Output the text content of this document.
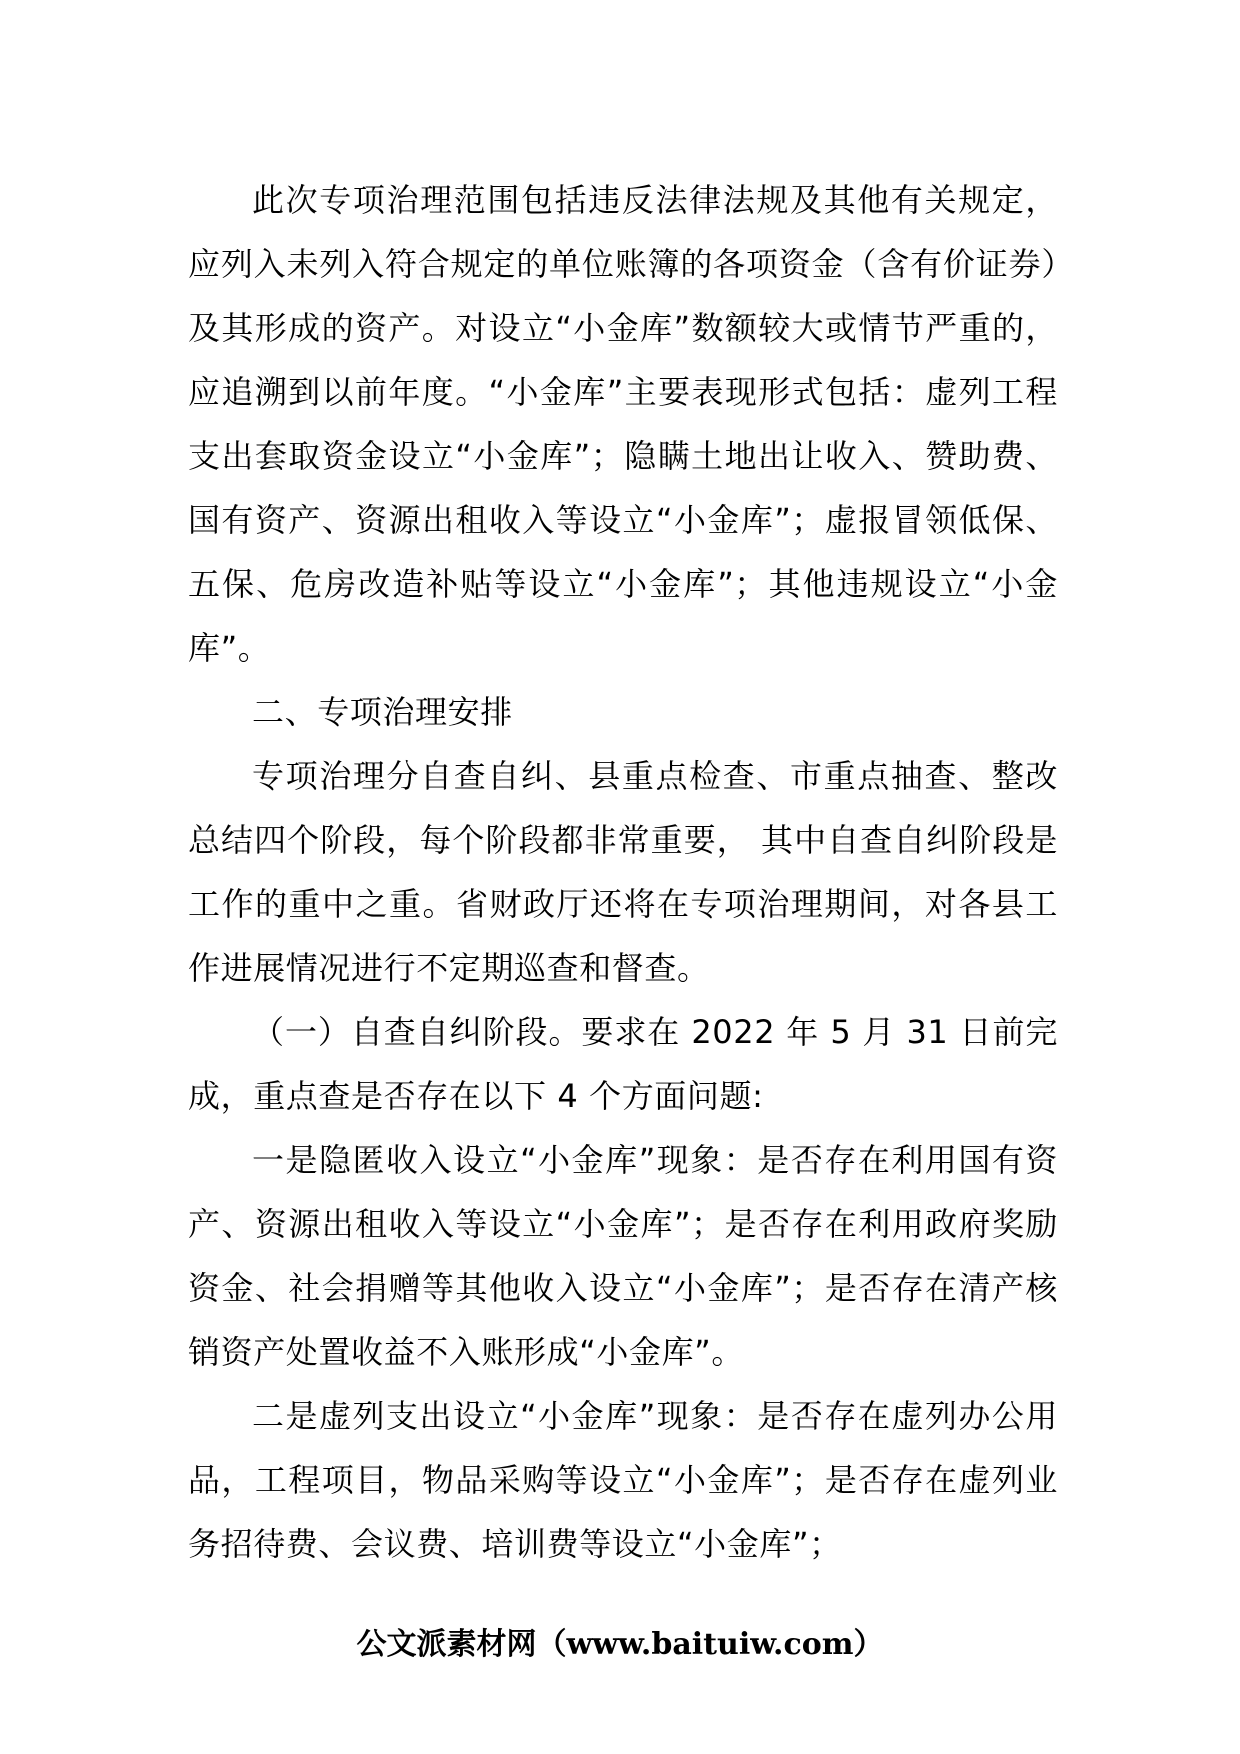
此次专项治理范围包括违反法律法规及其他有关规定，应列入未列入符合规定的单位账簿的各项资金（含有价证券）及其形成的资产。对设立“小金库”数额较大或情节严重的，应追溯到以前年度。“小金库”主要表现形式包括：虚列工程支出套取资金设立“小金库”；隐瞒土地出让收入、赞助费、国有资产、资源出租收入等设立“小金库”；虚报冒领低保、五保、危房改造补贴等设立“小金库”；其他违规设立“小金库”。

二、专项治理安排

专项治理分自查自纠、县重点检查、市重点抽查、整改总结四个阶段，每个阶段都非常重要， 其中自查自纠阶段是工作的重中之重。省财政厅还将在专项治理期间，对各县工作进展情况进行不定期巡查和督查。

（一）自查自纠阶段。要求在 2022 年 5 月 31 日前完成，重点查是否存在以下 4 个方面问题:

一是隐匿收入设立“小金库”现象：是否存在利用国有资产、资源出租收入等设立“小金库”；是否存在利用政府奖励资金、社会捐赠等其他收入设立“小金库”；是否存在清产核销资产处置收益不入账形成“小金库”。

二是虚列支出设立“小金库”现象：是否存在虚列办公用品，工程项目，物品采购等设立“小金库”；是否存在虚列业务招待费、会议费、培训费等设立“小金库”；

公文派素材网（www.baituiw.com）
